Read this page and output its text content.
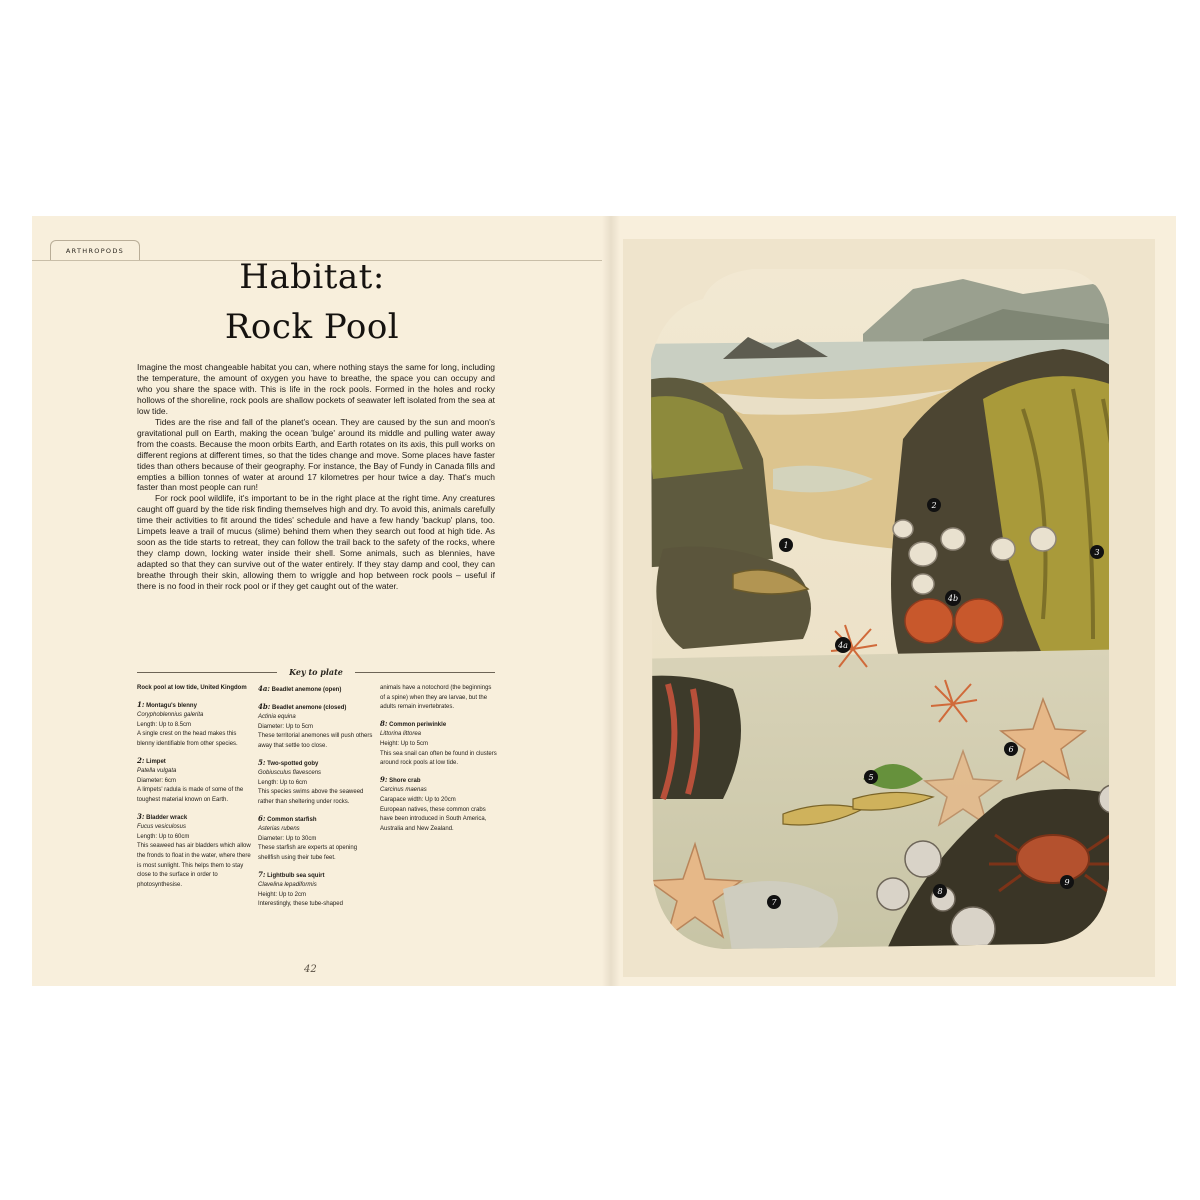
ARTHROPODS
Habitat:
Rock Pool

Imagine the most changeable habitat you can, where nothing stays the same for long, including the temperature, the amount of oxygen you have to breathe, the space you can occupy and who you share the space with. This is life in the rock pools. Formed in the holes and rocky hollows of the shoreline, rock pools are shallow pockets of seawater left isolated from the sea at low tide.

Tides are the rise and fall of the planet's ocean. They are caused by the sun and moon's gravitational pull on Earth, making the ocean 'bulge' around its middle and pulling water away from the coasts. Because the moon orbits Earth, and Earth rotates on its axis, this pull works on different regions at different times, so that the tides change and move. Some places have faster tides than others because of their geography. For instance, the Bay of Fundy in Canada fills and empties a billion tonnes of water at around 17 kilometres per hour twice a day. That's much faster than most people can run!

For rock pool wildlife, it's important to be in the right place at the right time. Any creatures caught off guard by the tide risk finding themselves high and dry. To avoid this, animals carefully time their activities to fit around the tides' schedule and have a few handy 'backup' plans, too. Limpets leave a trail of mucus (slime) behind them when they search out food at high tide. As soon as the tide starts to retreat, they can follow the trail back to the safety of the rocks, where they clamp down, locking water inside their shell. Some animals, such as blennies, have adapted so that they can survive out of the water entirely. If they stay damp and cool, they can breathe through their skin, allowing them to wriggle and hop between rock pools – useful if there is no food in their rock pool or if they get caught out of the water.

Key to plate
Rock pool at low tide, United Kingdom
1: Montagu's blenny
Coryphoblennius galerita
Length: Up to 8.5cm
A single crest on the head makes this blenny identifiable from other species.
2: Limpet
Patella vulgata
Diameter: 6cm
A limpets' radula is made of some of the toughest material known on Earth.
3: Bladder wrack
Fucus vesiculosus
Length: Up to 60cm
This seaweed has air bladders which allow the fronds to float in the water, where there is most sunlight. This helps them to stay close to the surface in order to photosynthesise.
4a: Beadlet anemone (open)
4b: Beadlet anemone (closed)
Actinia equina
Diameter: Up to 5cm
These territorial anemones will push others away that settle too close.
5: Two-spotted goby
Gobiusculus flavescens
Length: Up to 6cm
This species swims above the seaweed rather than sheltering under rocks.
6: Common starfish
Asterias rubens
Diameter: Up to 30cm
These starfish are experts at opening shellfish using their tube feet.
7: Lightbulb sea squirt
Clavelina lepadiformis
Height: Up to 2cm
Interestingly, these tube-shaped
animals have a notochord (the beginnings of a spine) when they are larvae, but the adults remain invertebrates.
8: Common periwinkle
Littorina littorea
Height: Up to 5cm
This sea snail can often be found in clusters around rock pools at low tide.
9: Shore crab
Carcinus maenas
Carapace width: Up to 20cm
European natives, these common crabs have been introduced in South America, Australia and New Zealand.
42
1
2
3
4a
4b
5
6
7
8
9
